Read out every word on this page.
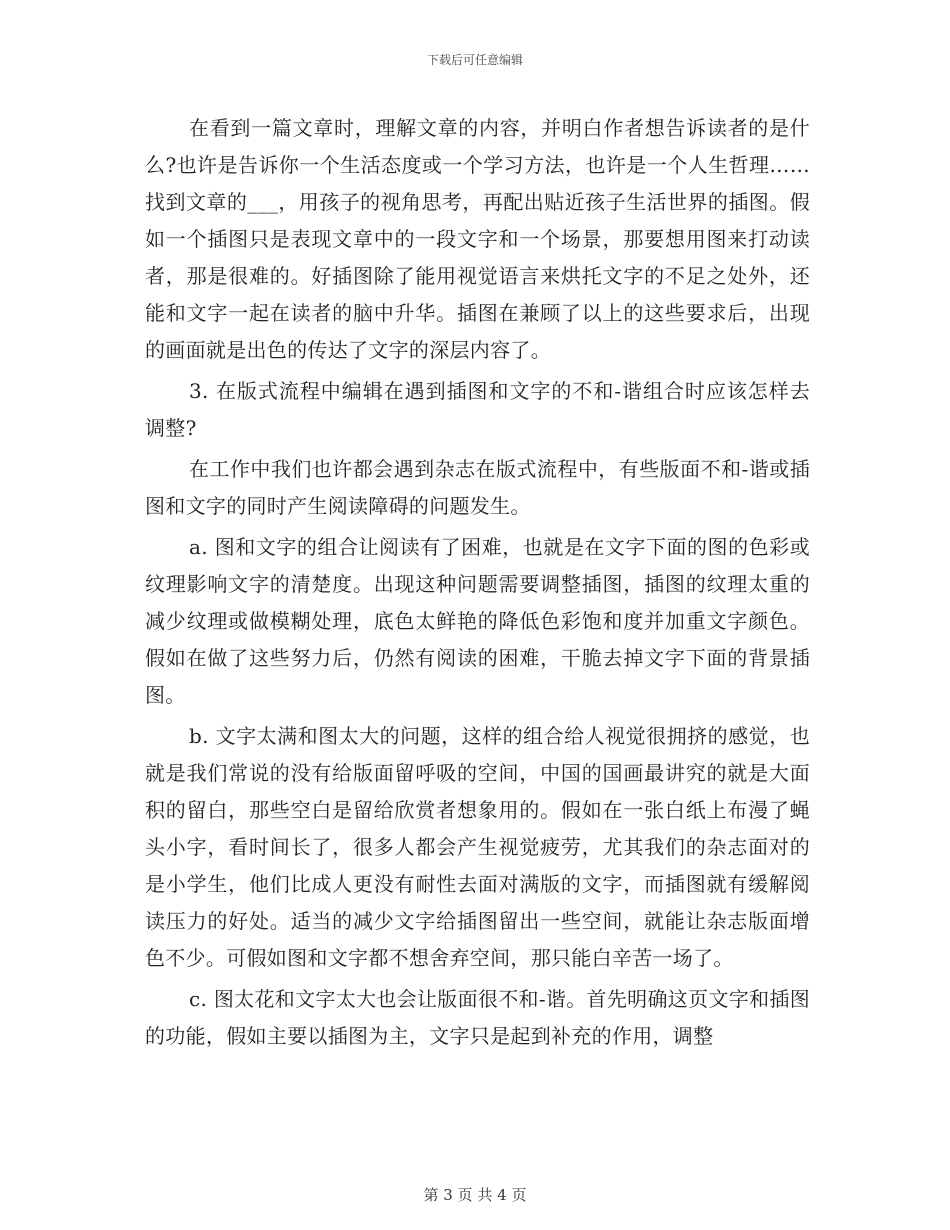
下载后可任意编辑

在看到一篇文章时，理解文章的内容，并明白作者想告诉读者的是什么?也许是告诉你一个生活态度或一个学习方法，也许是一个人生哲理……找到文章的___，用孩子的视角思考，再配出贴近孩子生活世界的插图。假如一个插图只是表现文章中的一段文字和一个场景，那要想用图来打动读者，那是很难的。好插图除了能用视觉语言来烘托文字的不足之处外，还能和文字一起在读者的脑中升华。插图在兼顾了以上的这些要求后，出现的画面就是出色的传达了文字的深层内容了。

3. 在版式流程中编辑在遇到插图和文字的不和-谐组合时应该怎样去调整?

在工作中我们也许都会遇到杂志在版式流程中，有些版面不和-谐或插图和文字的同时产生阅读障碍的问题发生。

a. 图和文字的组合让阅读有了困难，也就是在文字下面的图的色彩或纹理影响文字的清楚度。出现这种问题需要调整插图，插图的纹理太重的减少纹理或做模糊处理，底色太鲜艳的降低色彩饱和度并加重文字颜色。假如在做了这些努力后，仍然有阅读的困难，干脆去掉文字下面的背景插图。

b. 文字太满和图太大的问题，这样的组合给人视觉很拥挤的感觉，也就是我们常说的没有给版面留呼吸的空间，中国的国画最讲究的就是大面积的留白，那些空白是留给欣赏者想象用的。假如在一张白纸上布漫了蝇头小字，看时间长了，很多人都会产生视觉疲劳，尤其我们的杂志面对的是小学生，他们比成人更没有耐性去面对满版的文字，而插图就有缓解阅读压力的好处。适当的减少文字给插图留出一些空间，就能让杂志版面增色不少。可假如图和文字都不想舍弃空间，那只能白辛苦一场了。

c. 图太花和文字太大也会让版面很不和-谐。首先明确这页文字和插图的功能，假如主要以插图为主，文字只是起到补充的作用，调整

第 3 页 共 4 页
